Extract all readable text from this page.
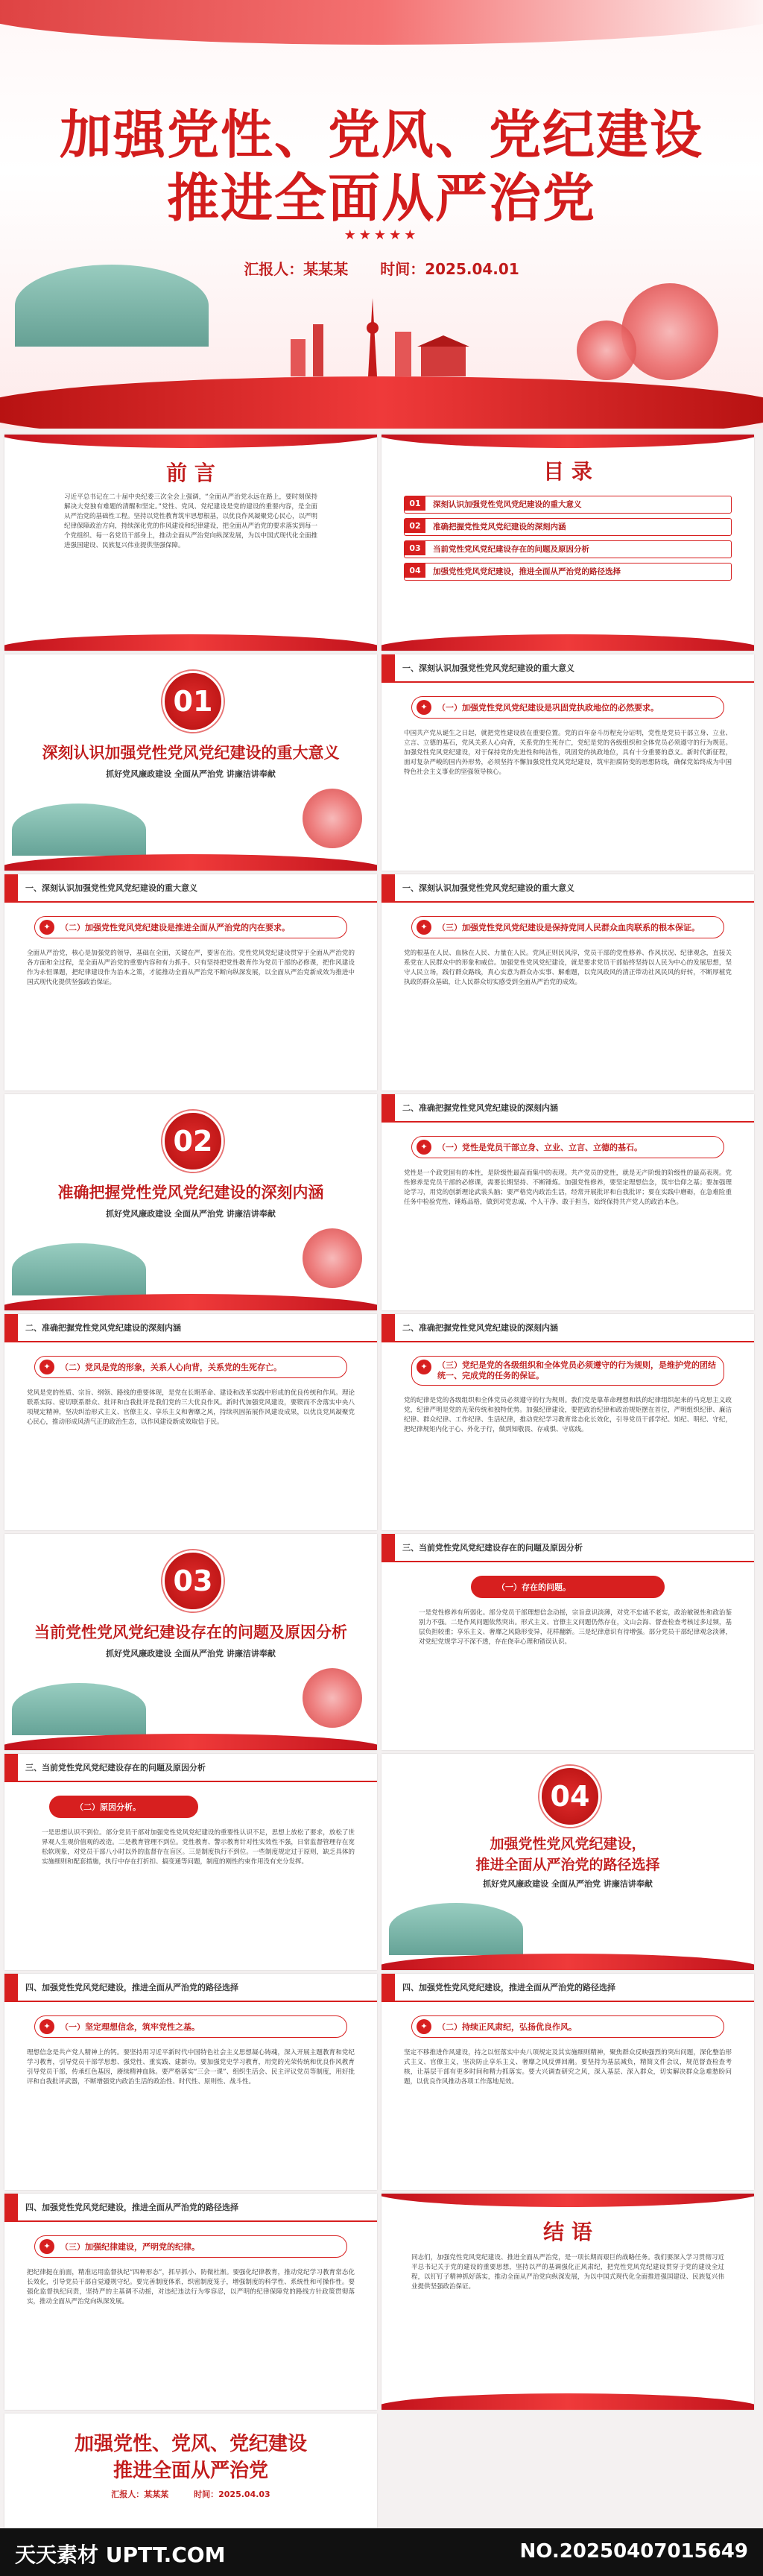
加强党性、党风、党纪建设
推进全面从严治党
★★★★★
汇报人：某某某 时间：2025.04.01
前 言
习近平总书记在二十届中央纪委三次全会上强调，“全面从严治党永远在路上，要时刻保持解决大党独有难题的清醒和坚定。”党性、党风、党纪建设是党的建设的重要内容，是全面从严治党的基础性工程。坚持以党性教育筑牢思想根基，以优良作风凝聚党心民心，以严明纪律保障政治方向，持续深化党的作风建设和纪律建设，把全面从严治党的要求落实到每一个党组织、每一名党员干部身上，推动全面从严治党向纵深发展，为以中国式现代化全面推进强国建设、民族复兴伟业提供坚强保障。
目 录
01	深刻认识加强党性党风党纪建设的重大意义
02	准确把握党性党风党纪建设的深刻内涵
03	当前党性党风党纪建设存在的问题及原因分析
04	加强党性党风党纪建设，推进全面从严治党的路径选择
01
深刻认识加强党性党风党纪建设的重大意义
抓好党风廉政建设 全面从严治党 讲廉洁讲奉献
一、深刻认识加强党性党风党纪建设的重大意义
✦	（一）加强党性党风党纪建设是巩固党执政地位的必然要求。
中国共产党从诞生之日起，就把党性建设放在重要位置。党的百年奋斗历程充分证明，党性是党员干部立身、立业、立言、立德的基石，党风关系人心向背，关系党的生死存亡，党纪是党的各级组织和全体党员必须遵守的行为规范。加强党性党风党纪建设，对于保持党的先进性和纯洁性，巩固党的执政地位，具有十分重要的意义。新时代新征程，面对复杂严峻的国内外形势，必须坚持不懈加强党性党风党纪建设，筑牢拒腐防变的思想防线，确保党始终成为中国特色社会主义事业的坚强领导核心。
一、深刻认识加强党性党风党纪建设的重大意义
✦	（二）加强党性党风党纪建设是推进全面从严治党的内在要求。
全面从严治党，核心是加强党的领导，基础在全面，关键在严，要害在治。党性党风党纪建设贯穿于全面从严治党的各方面和全过程，是全面从严治党的重要内容和有力抓手。只有坚持把党性教育作为党员干部的必修课，把作风建设作为永恒课题，把纪律建设作为治本之策，才能推动全面从严治党不断向纵深发展，以全面从严治党新成效为推进中国式现代化提供坚强政治保证。
一、深刻认识加强党性党风党纪建设的重大意义
✦	（三）加强党性党风党纪建设是保持党同人民群众血肉联系的根本保证。
党的根基在人民、血脉在人民、力量在人民。党风正则民风淳，党员干部的党性修养、作风状况、纪律观念，直接关系党在人民群众中的形象和威信。加强党性党风党纪建设，就是要求党员干部始终坚持以人民为中心的发展思想，坚守人民立场，践行群众路线，真心实意为群众办实事、解难题，以党风政风的清正带动社风民风的好转，不断厚植党执政的群众基础，让人民群众切实感受到全面从严治党的成效。
02
准确把握党性党风党纪建设的深刻内涵
抓好党风廉政建设 全面从严治党 讲廉洁讲奉献
二、准确把握党性党风党纪建设的深刻内涵
✦	（一）党性是党员干部立身、立业、立言、立德的基石。
党性是一个政党固有的本性，是阶级性最高而集中的表现。共产党员的党性，就是无产阶级的阶级性的最高表现。党性修养是党员干部的必修课，需要长期坚持、不断锤炼。加强党性修养，要坚定理想信念，筑牢信仰之基；要加强理论学习，用党的创新理论武装头脑；要严格党内政治生活，经常开展批评和自我批评；要在实践中磨砺，在急难险重任务中检验党性、锤炼品格，做到对党忠诚、个人干净、敢于担当，始终保持共产党人的政治本色。
二、准确把握党性党风党纪建设的深刻内涵
✦	（二）党风是党的形象，关系人心向背，关系党的生死存亡。
党风是党的性质、宗旨、纲领、路线的重要体现，是党在长期革命、建设和改革实践中形成的优良传统和作风。理论联系实际、密切联系群众、批评和自我批评是我们党的三大优良作风。新时代加强党风建设，要锲而不舍落实中央八项规定精神，坚决纠治形式主义、官僚主义、享乐主义和奢靡之风，持续巩固拓展作风建设成果，以优良党风凝聚党心民心，推动形成风清气正的政治生态，以作风建设新成效取信于民。
二、准确把握党性党风党纪建设的深刻内涵
✦	（三）党纪是党的各级组织和全体党员必须遵守的行为规则，是维护党的团结统一、完成党的任务的保证。
党的纪律是党的各级组织和全体党员必须遵守的行为规则。我们党是靠革命理想和铁的纪律组织起来的马克思主义政党，纪律严明是党的光荣传统和独特优势。加强纪律建设，要把政治纪律和政治规矩摆在首位，严明组织纪律、廉洁纪律、群众纪律、工作纪律、生活纪律，推动党纪学习教育常态化长效化，引导党员干部学纪、知纪、明纪、守纪，把纪律规矩内化于心、外化于行，做到知敬畏、存戒惧、守底线。
03
当前党性党风党纪建设存在的问题及原因分析
抓好党风廉政建设 全面从严治党 讲廉洁讲奉献
三、当前党性党风党纪建设存在的问题及原因分析
（一）存在的问题。
一是党性修养有所弱化。部分党员干部理想信念动摇，宗旨意识淡薄，对党不忠诚不老实，政治敏锐性和政治鉴别力不强。二是作风问题依然突出。形式主义、官僚主义问题仍然存在，文山会海、督查检查考核过多过频，基层负担较重；享乐主义、奢靡之风隐形变异，花样翻新。三是纪律意识有待增强。部分党员干部纪律观念淡薄，对党纪党规学习不深不透，存在侥幸心理和错误认识。
三、当前党性党风党纪建设存在的问题及原因分析
（二）原因分析。
一是思想认识不到位。部分党员干部对加强党性党风党纪建设的重要性认识不足，思想上放松了要求，放松了世界观人生观价值观的改造。二是教育管理不到位。党性教育、警示教育针对性实效性不强，日常监督管理存在宽松软现象，对党员干部八小时以外的监督存在盲区。三是制度执行不到位。一些制度规定过于原则，缺乏具体的实施细则和配套措施，执行中存在打折扣、搞变通等问题，制度的刚性约束作用没有充分发挥。
04
加强党性党风党纪建设，
推进全面从严治党的路径选择
抓好党风廉政建设 全面从严治党 讲廉洁讲奉献
四、加强党性党风党纪建设，推进全面从严治党的路径选择
✦	（一）坚定理想信念，筑牢党性之基。
理想信念是共产党人精神上的钙。要坚持用习近平新时代中国特色社会主义思想凝心铸魂，深入开展主题教育和党纪学习教育，引导党员干部学思想、强党性、重实践、建新功。要加强党史学习教育，用党的光荣传统和优良作风教育引导党员干部，传承红色基因，赓续精神血脉。要严格落实“三会一课”、组织生活会、民主评议党员等制度，用好批评和自我批评武器，不断增强党内政治生活的政治性、时代性、原则性、战斗性。
四、加强党性党风党纪建设，推进全面从严治党的路径选择
✦	（二）持续正风肃纪，弘扬优良作风。
坚定不移推进作风建设，持之以恒落实中央八项规定及其实施细则精神，聚焦群众反映强烈的突出问题，深化整治形式主义、官僚主义，坚决防止享乐主义、奢靡之风反弹回潮。要坚持为基层减负，精简文件会议，规范督查检查考核，让基层干部有更多时间和精力抓落实。要大兴调查研究之风，深入基层、深入群众，切实解决群众急难愁盼问题，以优良作风推动各项工作落地见效。
四、加强党性党风党纪建设，推进全面从严治党的路径选择
✦	（三）加强纪律建设，严明党的纪律。
把纪律挺在前面，精准运用监督执纪“四种形态”，抓早抓小、防微杜渐。要强化纪律教育，推动党纪学习教育常态化长效化，引导党员干部自觉遵规守纪。要完善制度体系，织密制度笼子，增强制度的科学性、系统性和可操作性。要强化监督执纪问责，坚持严的主基调不动摇，对违纪违法行为零容忍，以严明的纪律保障党的路线方针政策贯彻落实，推动全面从严治党向纵深发展。
结 语
同志们，加强党性党风党纪建设、推进全面从严治党，是一项长期而艰巨的战略任务。我们要深入学习贯彻习近平总书记关于党的建设的重要思想，坚持以严的基调强化正风肃纪，把党性党风党纪建设贯穿于党的建设全过程，以钉钉子精神抓好落实，推动全面从严治党向纵深发展，为以中国式现代化全面推进强国建设、民族复兴伟业提供坚强政治保证。
加强党性、党风、党纪建设
推进全面从严治党
汇报人：某某某	时间：2025.04.03
天天素材 UPTT.COM	NO.20250407015649
